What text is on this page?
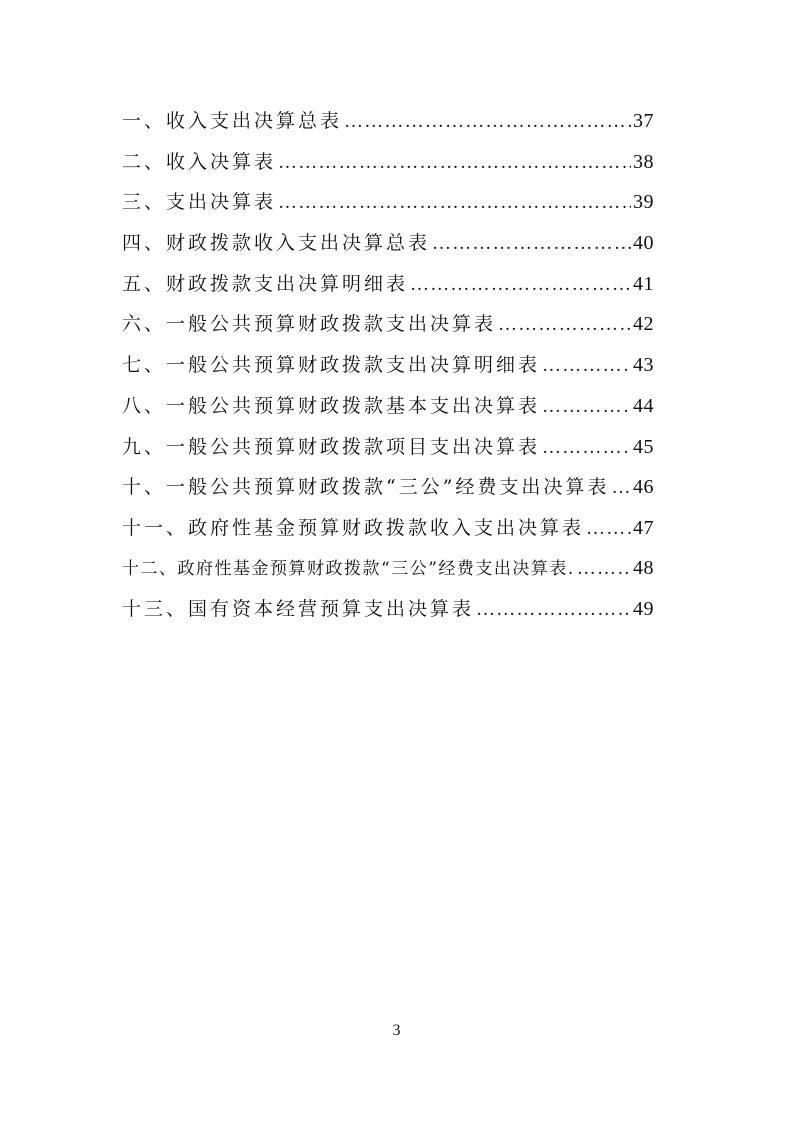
一、收入支出决算总表 ……………………………………………………………………………………………………………………………………………	37
二、收入决算表 ……………………………………………………………………………………………………………………………………………	38
三、支出决算表 ……………………………………………………………………………………………………………………………………………	39
四、财政拨款收入支出决算总表 ……………………………………………………………………………………………………………………………………………	40
五、财政拨款支出决算明细表 ……………………………………………………………………………………………………………………………………………	41
六、一般公共预算财政拨款支出决算表 ……………………………………………………………………………………………………………………………………………	42
七、一般公共预算财政拨款支出决算明细表 ……………………………………………………………………………………………………………………………………………	43
八、一般公共预算财政拨款基本支出决算表 ……………………………………………………………………………………………………………………………………………	44
九、一般公共预算财政拨款项目支出决算表 ……………………………………………………………………………………………………………………………………………	45
十、一般公共预算财政拨款“三公”经费支出决算表 …………………………………………………………………………………………………………………………………………… 46
十一、政府性基金预算财政拨款收入支出决算表 …………………………………………………………………………………………………………………………………………… 47
十二、政府性基金预算财政拨款“三公”经费支出决算表. ……………………………………………………………………………………………………………………………………………	48
十三、国有资本经营预算支出决算表 ……………………………………………………………………………………………………………………………………………	49
3
